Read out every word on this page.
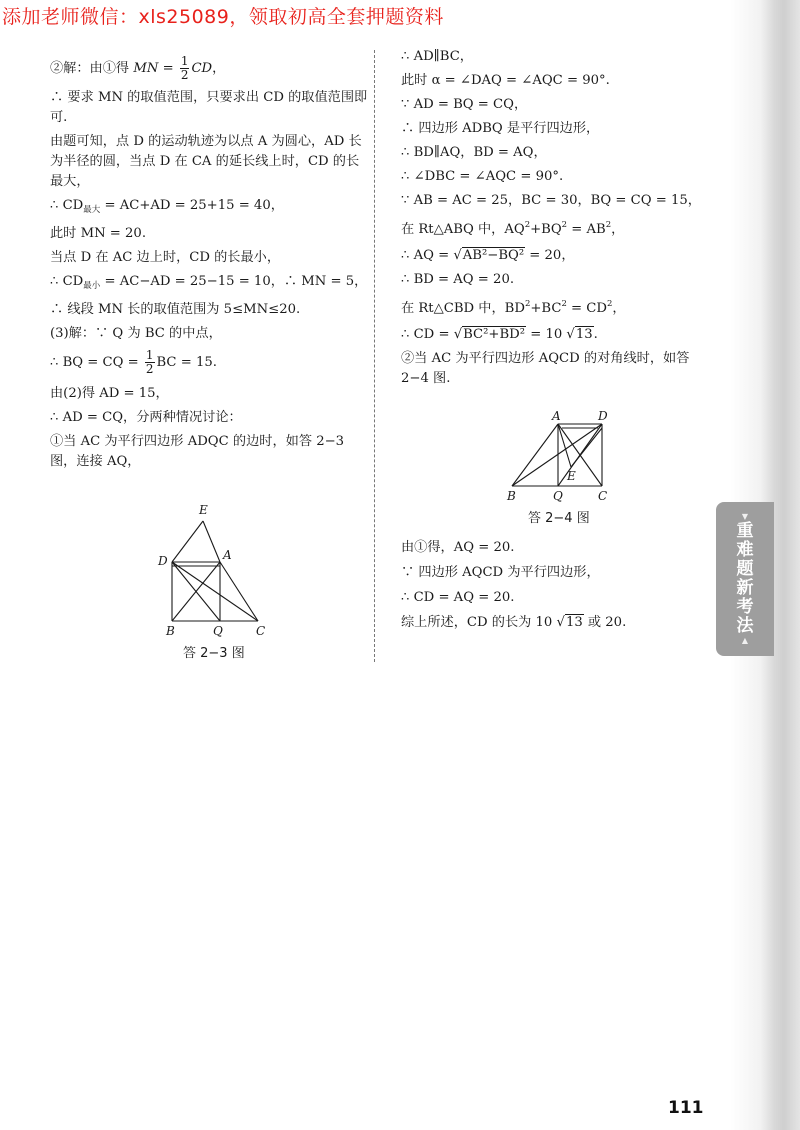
添加老师微信：xls25089，领取初高全套押题资料
▼
重难题新考法
▲

②解：由①得 MN = $\frac{1}{2}$ CD，

∴ 要求 MN 的取值范围，只要求出 CD 的取值范围即可.

由题可知，点 D 的运动轨迹为以点 A 为圆心，AD 长为半径的圆，当点 D 在 CA 的延长线上时，CD 的长最大，

∴ $CD_{最大} = AC+AD = 25+15 = 40$，

此时 MN = 20.

当点 D 在 AC 边上时，CD 的长最小，

∴ $CD_{最小} = AC-AD = 25-15 = 10$，∴ MN = 5，

∴ 线段 MN 长的取值范围为 5≤MN≤20.

(3)解：∵ Q 为 BC 的中点，

∴ BQ = CQ = $\frac{1}{2}$ BC = 15.

由(2)得 AD = 15，

∴ AD = CQ，分两种情况讨论：

①当 AC 为平行四边形 ADQC 的边时，如答 2−3 图，连接 AQ，

E
D	A
B	Q	C
答 2−3 图

∴ AD∥BC，

此时 α = ∠DAQ = ∠AQC = 90°.

∵ AD = BQ = CQ，

∴ 四边形 ADBQ 是平行四边形，

∴ BD∥AQ，BD = AQ，

∴ ∠DBC = ∠AQC = 90°.

∵ AB = AC = 25，BC = 30，BQ = CQ = 15，

在 Rt△ABQ 中，$AQ^2+BQ^2 = AB^2$，

∴ AQ = √AB²−BQ² = 20，

∴ BD = AQ = 20.

在 Rt△CBD 中，$BD^2+BC^2 = CD^2$，

∴ CD = √BC²+BD² = 10 √13.

②当 AC 为平行四边形 AQCD 的对角线时，如答 2−4 图.

A	D
E
B	Q	C
答 2−4 图

由①得，AQ = 20.

∵ 四边形 AQCD 为平行四边形，

∴ CD = AQ = 20.

综上所述，CD 的长为 10 √13 或 20.

111
